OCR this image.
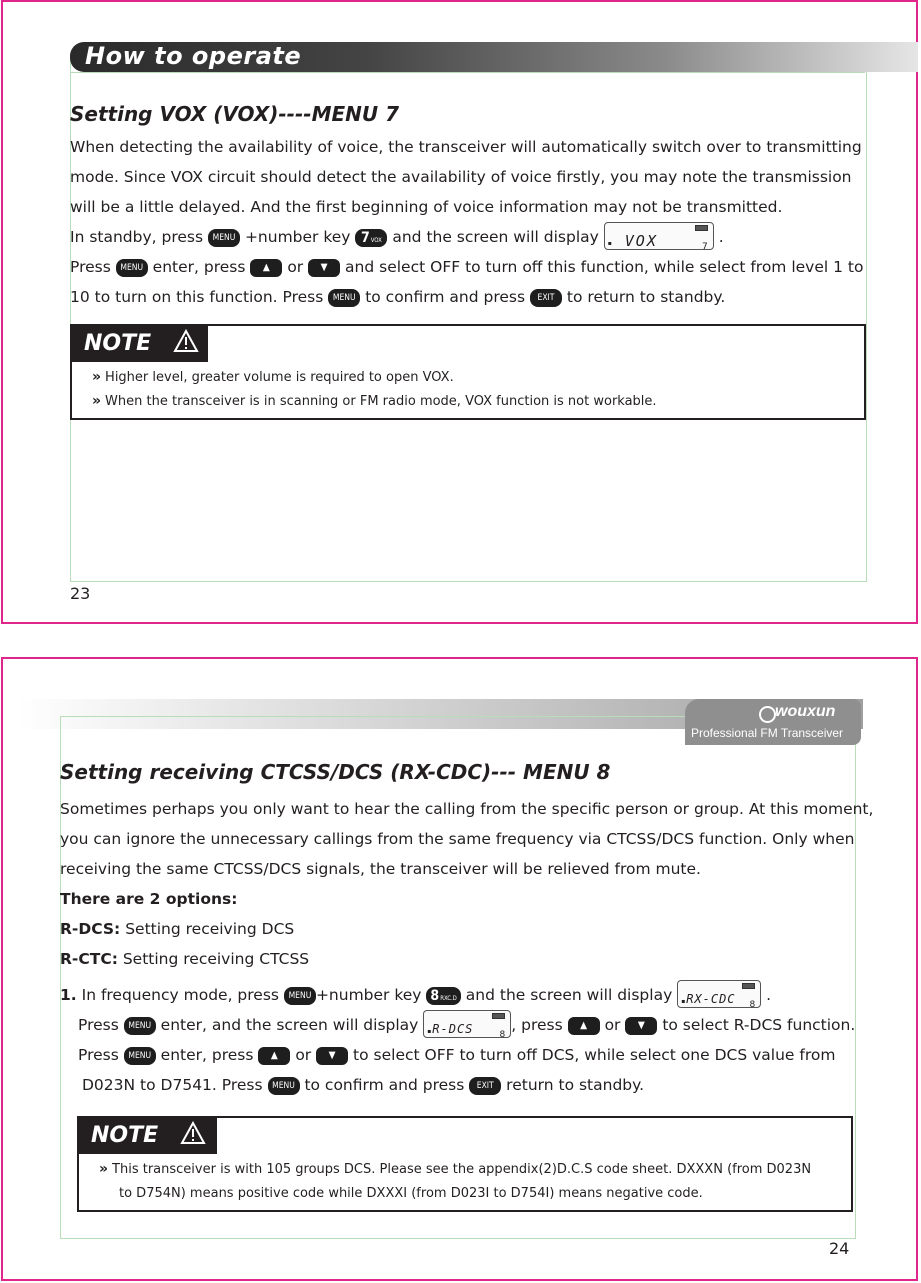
How to operate
Setting VOX (VOX)----MENU 7
When detecting the availability of voice, the transceiver will automatically switch over to transmitting
mode. Since VOX circuit should detect the availability of voice firstly, you may note the transmission
will be a little delayed. And the first beginning of voice information may not be transmitted.
In standby, press MENU +number key 7VOX and the screen will display ▪ VOX	7
.
Press MENU enter, press ▲ or ▼ and select OFF to turn off this function, while select from level 1 to
10 to turn on this function. Press MENU to confirm and press EXIT to return to standby.
NOTE
» Higher level, greater volume is required to open VOX.
» When the transceiver is in scanning or FM radio mode, VOX function is not workable.
23
wouxun
Professional FM Transceiver
Setting receiving CTCSS/DCS (RX-CDC)--- MENU 8
Sometimes perhaps you only want to hear the calling from the specific person or group. At this moment,
you can ignore the unnecessary callings from the same frequency via CTCSS/DCS function. Only when
receiving the same CTCSS/DCS signals, the transceiver will be relieved from mute.
There are 2 options:
R-DCS: Setting receiving DCS
R-CTC: Setting receiving CTCSS
1. In frequency mode, press MENU +number key 8RXC.D and the screen will display ▪ RX-CDC 8
.
Press MENU enter, and the screen will display ▪ R-DCS	8
, press ▲ or ▼ to select R-DCS function.
Press MENU enter, press ▲ or ▼ to select OFF to turn off DCS, while select one DCS value from
D023N to D7541. Press MENU to confirm and press EXIT return to standby.
NOTE
» This transceiver is with 105 groups DCS. Please see the appendix(2)D.C.S code sheet. DXXXN (from D023N
to D754N) means positive code while DXXXI (from D023I to D754I) means negative code.
24
